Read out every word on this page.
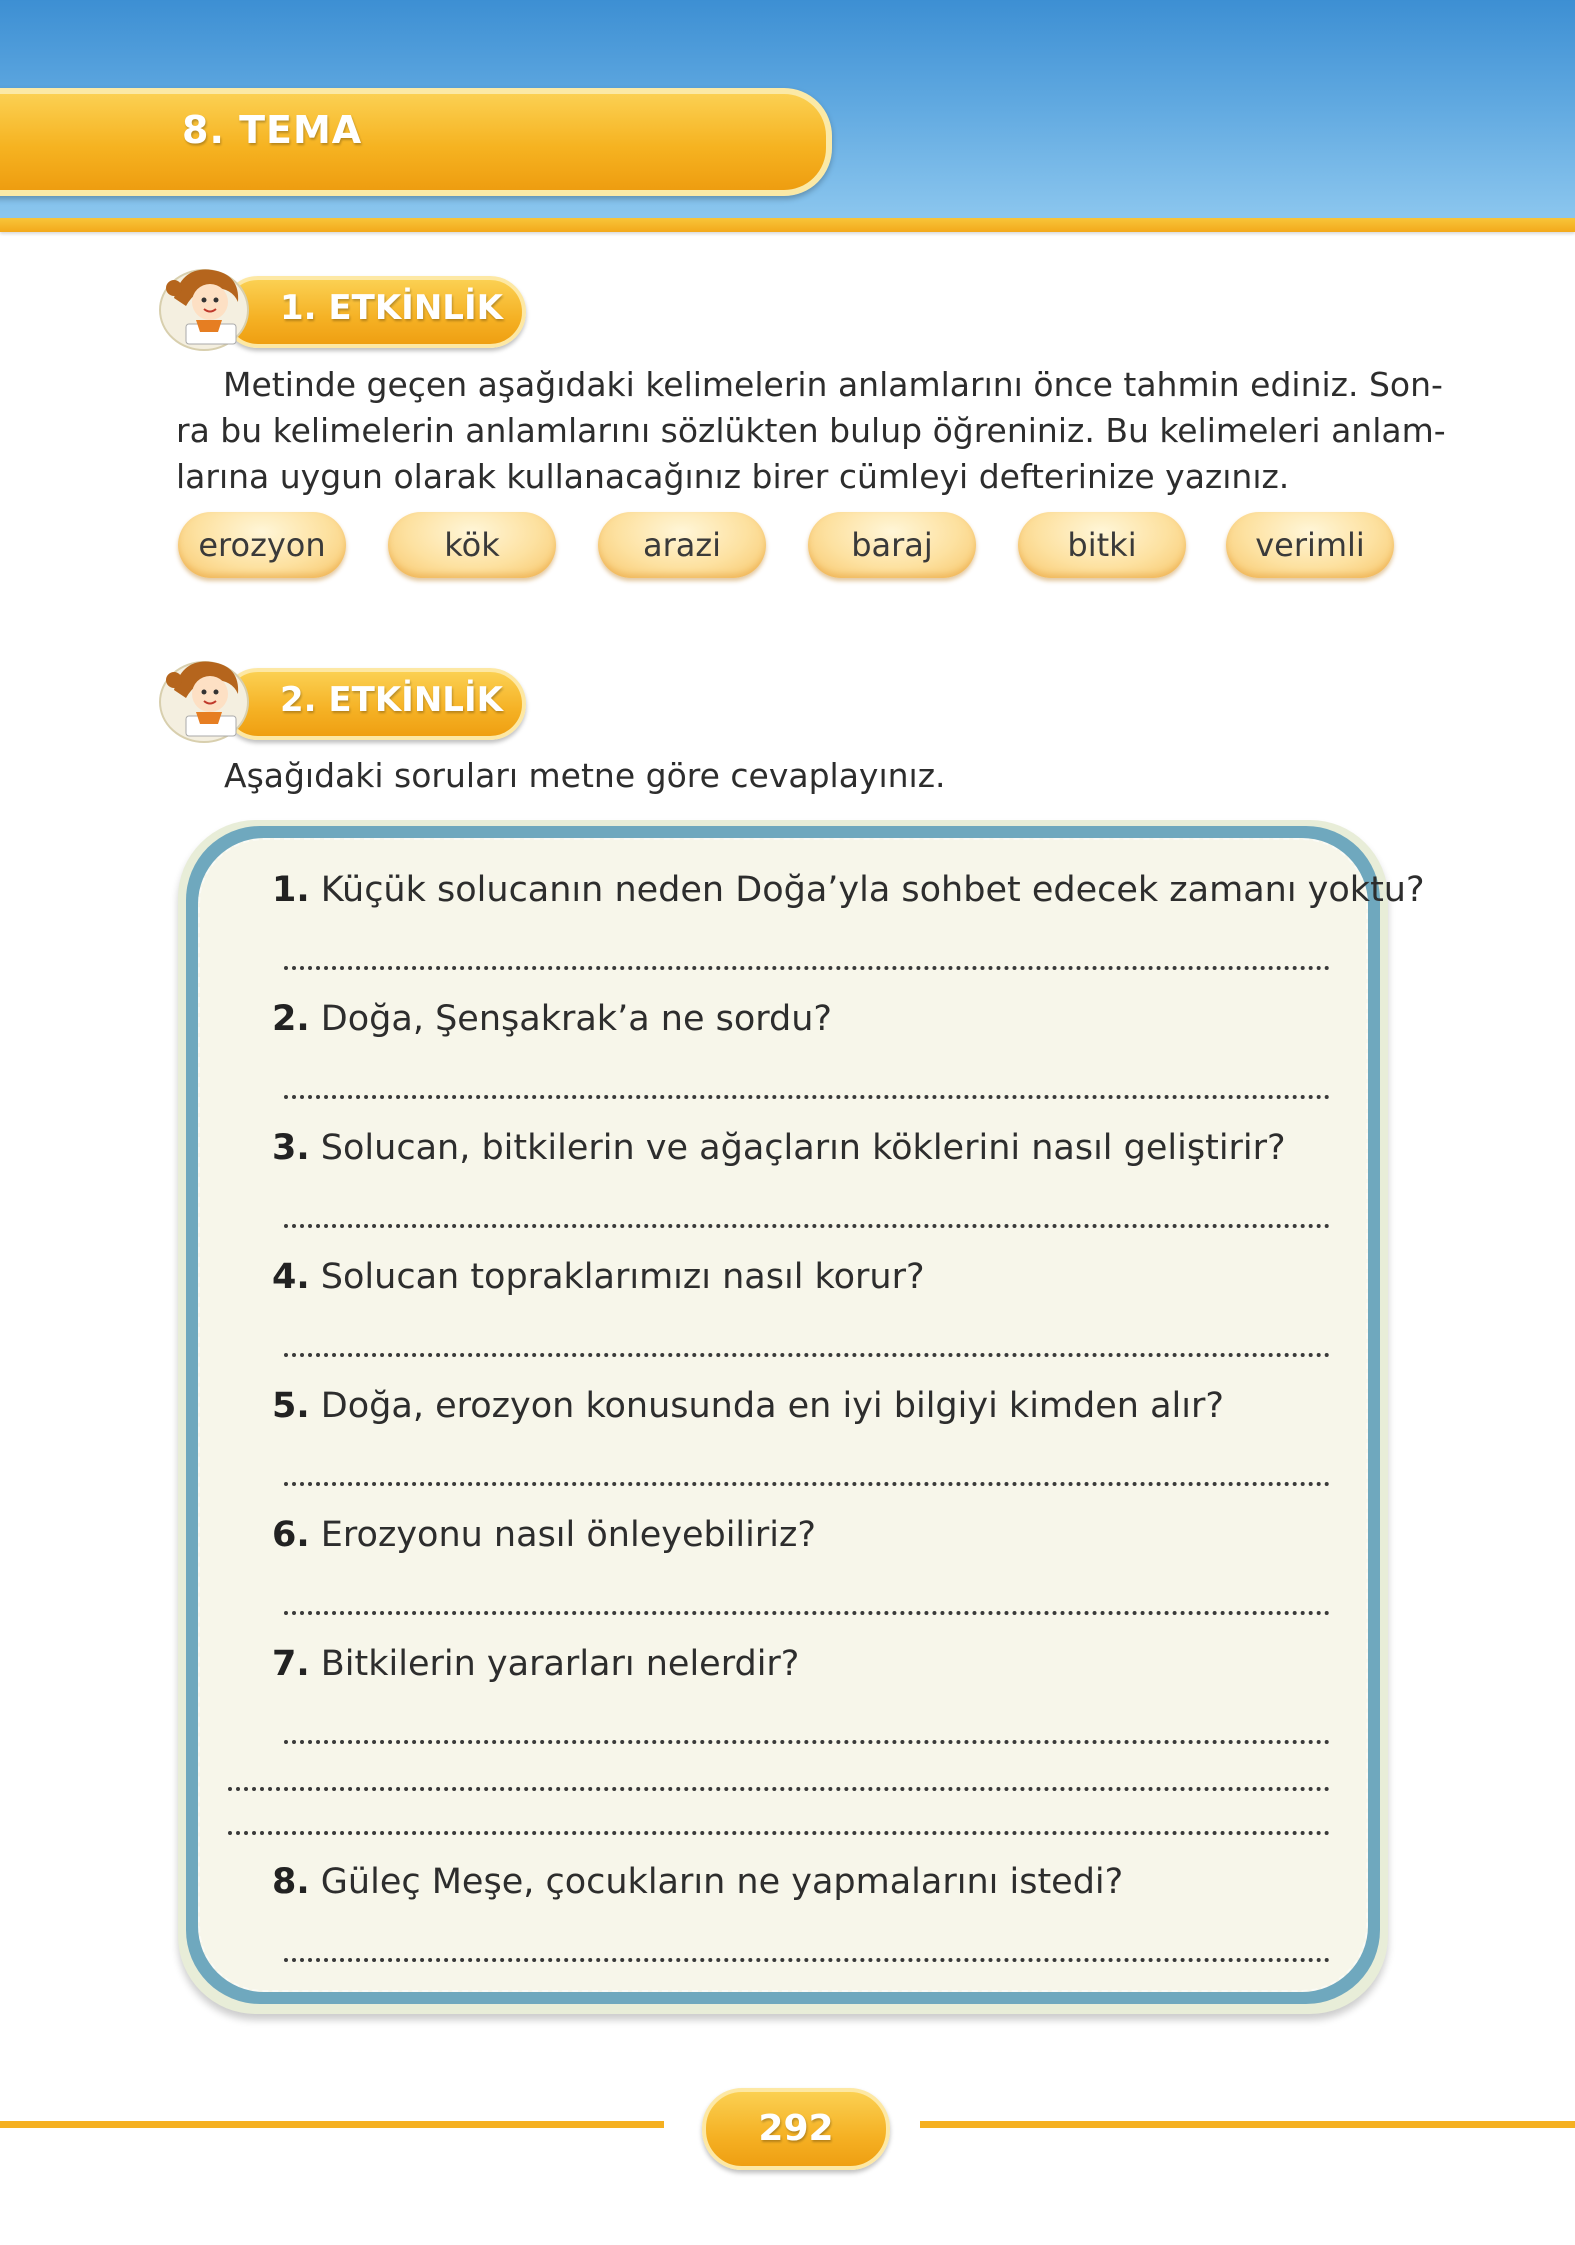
8. TEMA
1. ETKİNLİK
Metinde geçen aşağıdaki kelimelerin anlamlarını önce tahmin ediniz. Son-
ra bu kelimelerin anlamlarını sözlükten bulup öğreniniz. Bu kelimeleri anlam-
larına uygun olarak kullanacağınız birer cümleyi defterinize yazınız.
erozyon	kök	arazi	baraj	bitki	verimli
2. ETKİNLİK
Aşağıdaki soruları metne göre cevaplayınız.
1. Küçük solucanın neden Doğa’yla sohbet edecek zamanı yoktu?
2. Doğa, Şenşakrak’a ne sordu?
3. Solucan, bitkilerin ve ağaçların köklerini nasıl geliştirir?
4. Solucan topraklarımızı nasıl korur?
5. Doğa, erozyon konusunda en iyi bilgiyi kimden alır?
6. Erozyonu nasıl önleyebiliriz?
7. Bitkilerin yararları nelerdir?
8. Güleç Meşe, çocukların ne yapmalarını istedi?
292
